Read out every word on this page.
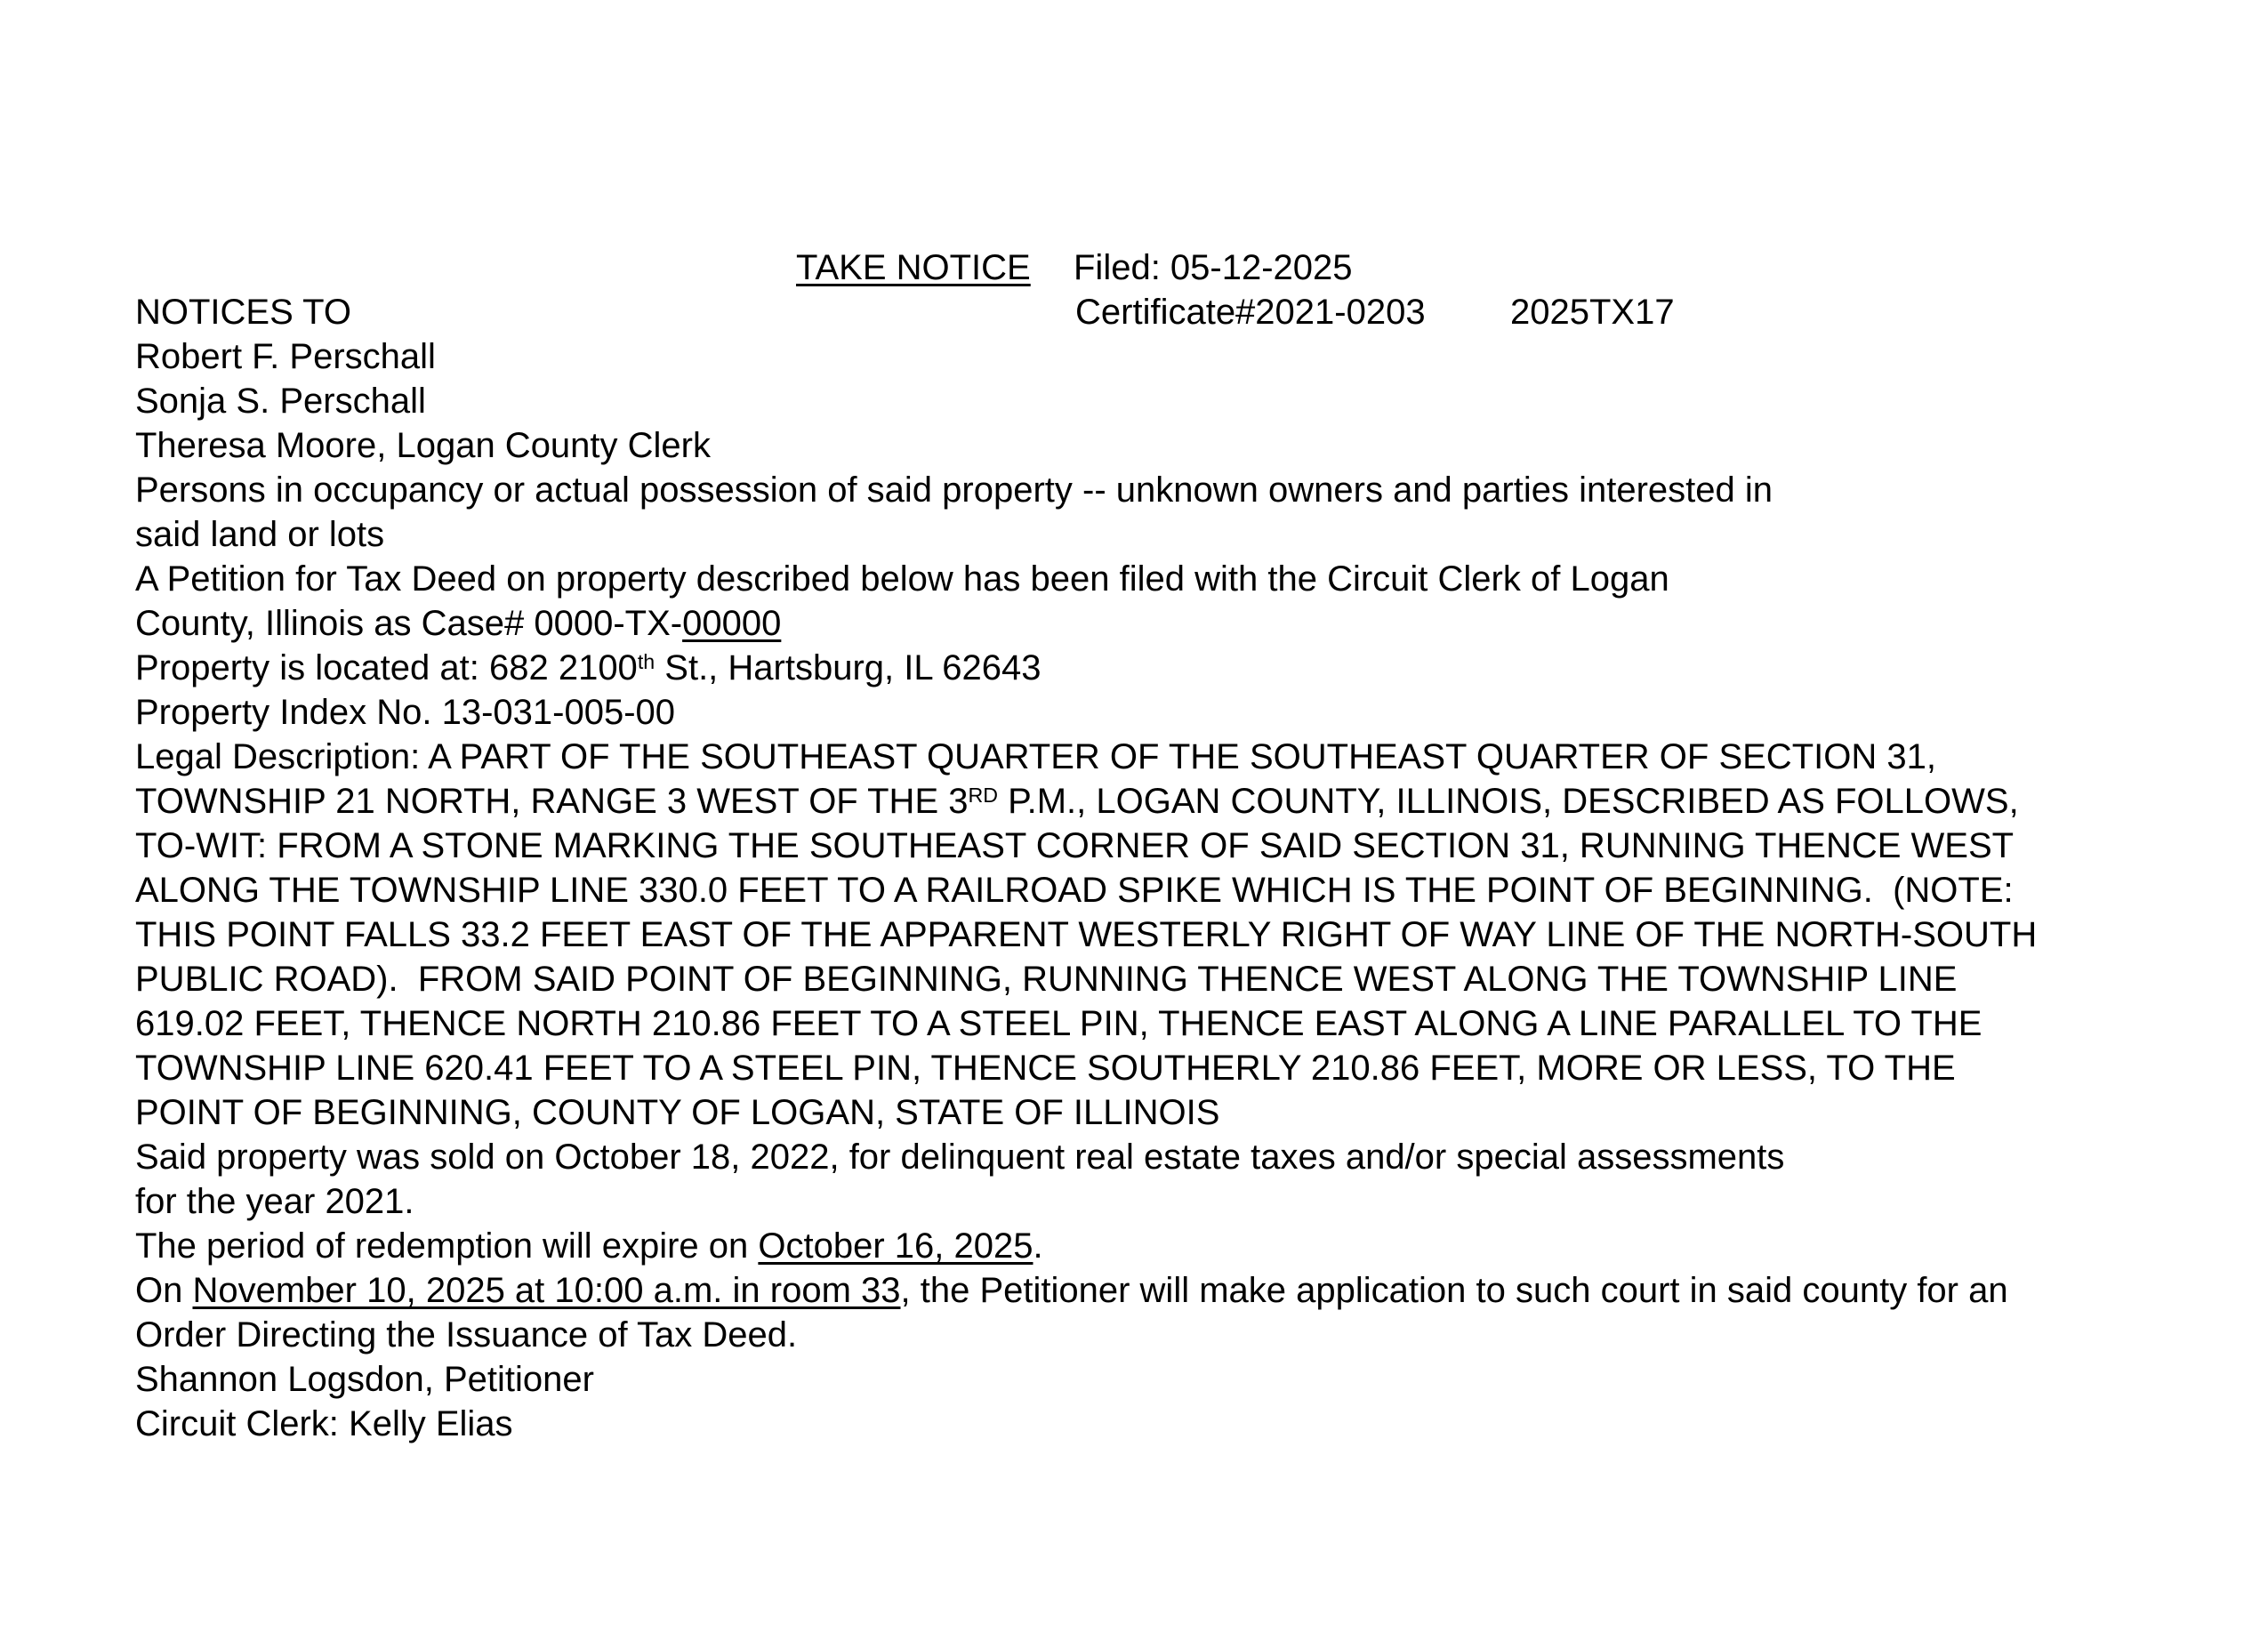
TAKE NOTICE Filed: 05-12-2025
NOTICES TO	Certificate#2021-0203 2025TX17
Robert F. Perschall
Sonja S. Perschall
Theresa Moore, Logan County Clerk
Persons in occupancy or actual possession of said property -- unknown owners and parties interested in
said land or lots
A Petition for Tax Deed on property described below has been filed with the Circuit Clerk of Logan
County, Illinois as Case# 0000-TX-00000
Property is located at: 682 2100th St., Hartsburg, IL 62643
Property Index No. 13-031-005-00
Legal Description: A PART OF THE SOUTHEAST QUARTER OF THE SOUTHEAST QUARTER OF SECTION 31,
TOWNSHIP 21 NORTH, RANGE 3 WEST OF THE 3RD P.M., LOGAN COUNTY, ILLINOIS, DESCRIBED AS FOLLOWS,
TO-WIT: FROM A STONE MARKING THE SOUTHEAST CORNER OF SAID SECTION 31, RUNNING THENCE WEST
ALONG THE TOWNSHIP LINE 330.0 FEET TO A RAILROAD SPIKE WHICH IS THE POINT OF BEGINNING.  (NOTE:
THIS POINT FALLS 33.2 FEET EAST OF THE APPARENT WESTERLY RIGHT OF WAY LINE OF THE NORTH-SOUTH
PUBLIC ROAD).  FROM SAID POINT OF BEGINNING, RUNNING THENCE WEST ALONG THE TOWNSHIP LINE
619.02 FEET, THENCE NORTH 210.86 FEET TO A STEEL PIN, THENCE EAST ALONG A LINE PARALLEL TO THE
TOWNSHIP LINE 620.41 FEET TO A STEEL PIN, THENCE SOUTHERLY 210.86 FEET, MORE OR LESS, TO THE
POINT OF BEGINNING, COUNTY OF LOGAN, STATE OF ILLINOIS
Said property was sold on October 18, 2022, for delinquent real estate taxes and/or special assessments
for the year 2021.
The period of redemption will expire on October 16, 2025.
On November 10, 2025 at 10:00 a.m. in room 33, the Petitioner will make application to such court in said county for an
Order Directing the Issuance of Tax Deed.
Shannon Logsdon, Petitioner
Circuit Clerk: Kelly Elias
